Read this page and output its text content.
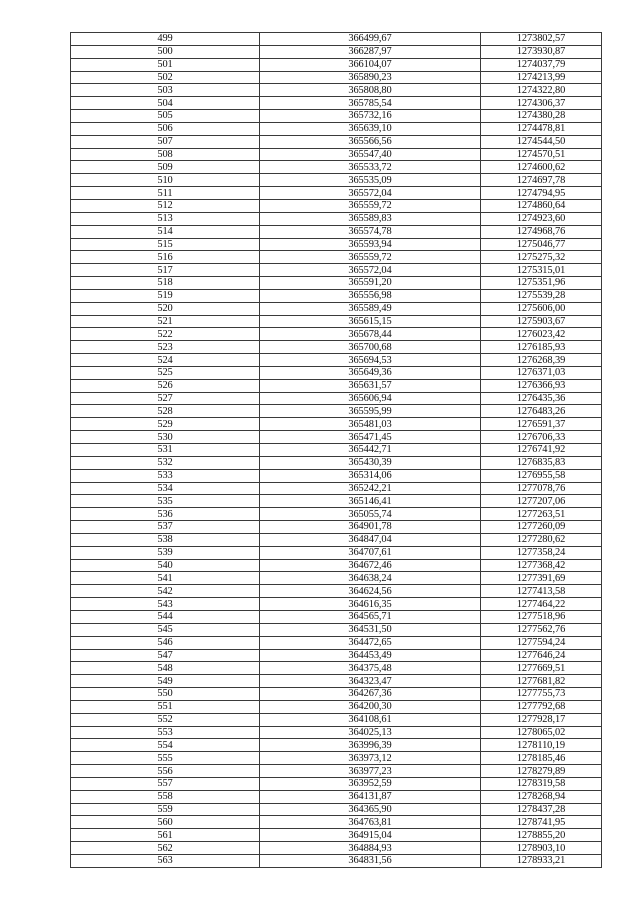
499	366499,67	1273802,57
500	366287,97	1273930,87
501	366104,07	1274037,79
502	365890,23	1274213,99
503	365808,80	1274322,80
504	365785,54	1274306,37
505	365732,16	1274380,28
506	365639,10	1274478,81
507	365566,56	1274544,50
508	365547,40	1274570,51
509	365533,72	1274600,62
510	365535,09	1274697,78
511	365572,04	1274794,95
512	365559,72	1274860,64
513	365589,83	1274923,60
514	365574,78	1274968,76
515	365593,94	1275046,77
516	365559,72	1275275,32
517	365572,04	1275315,01
518	365591,20	1275351,96
519	365556,98	1275539,28
520	365589,49	1275606,00
521	365615,15	1275903,67
522	365678,44	1276023,42
523	365700,68	1276185,93
524	365694,53	1276268,39
525	365649,36	1276371,03
526	365631,57	1276366,93
527	365606,94	1276435,36
528	365595,99	1276483,26
529	365481,03	1276591,37
530	365471,45	1276706,33
531	365442,71	1276741,92
532	365430,39	1276835,83
533	365314,06	1276955,58
534	365242,21	1277078,76
535	365146,41	1277207,06
536	365055,74	1277263,51
537	364901,78	1277260,09
538	364847,04	1277280,62
539	364707,61	1277358,24
540	364672,46	1277368,42
541	364638,24	1277391,69
542	364624,56	1277413,58
543	364616,35	1277464,22
544	364565,71	1277518,96
545	364531,50	1277562,76
546	364472,65	1277594,24
547	364453,49	1277646,24
548	364375,48	1277669,51
549	364323,47	1277681,82
550	364267,36	1277755,73
551	364200,30	1277792,68
552	364108,61	1277928,17
553	364025,13	1278065,02
554	363996,39	1278110,19
555	363973,12	1278185,46
556	363977,23	1278279,89
557	363952,59	1278319,58
558	364131,87	1278268,94
559	364365,90	1278437,28
560	364763,81	1278741,95
561	364915,04	1278855,20
562	364884,93	1278903,10
563	364831,56	1278933,21
